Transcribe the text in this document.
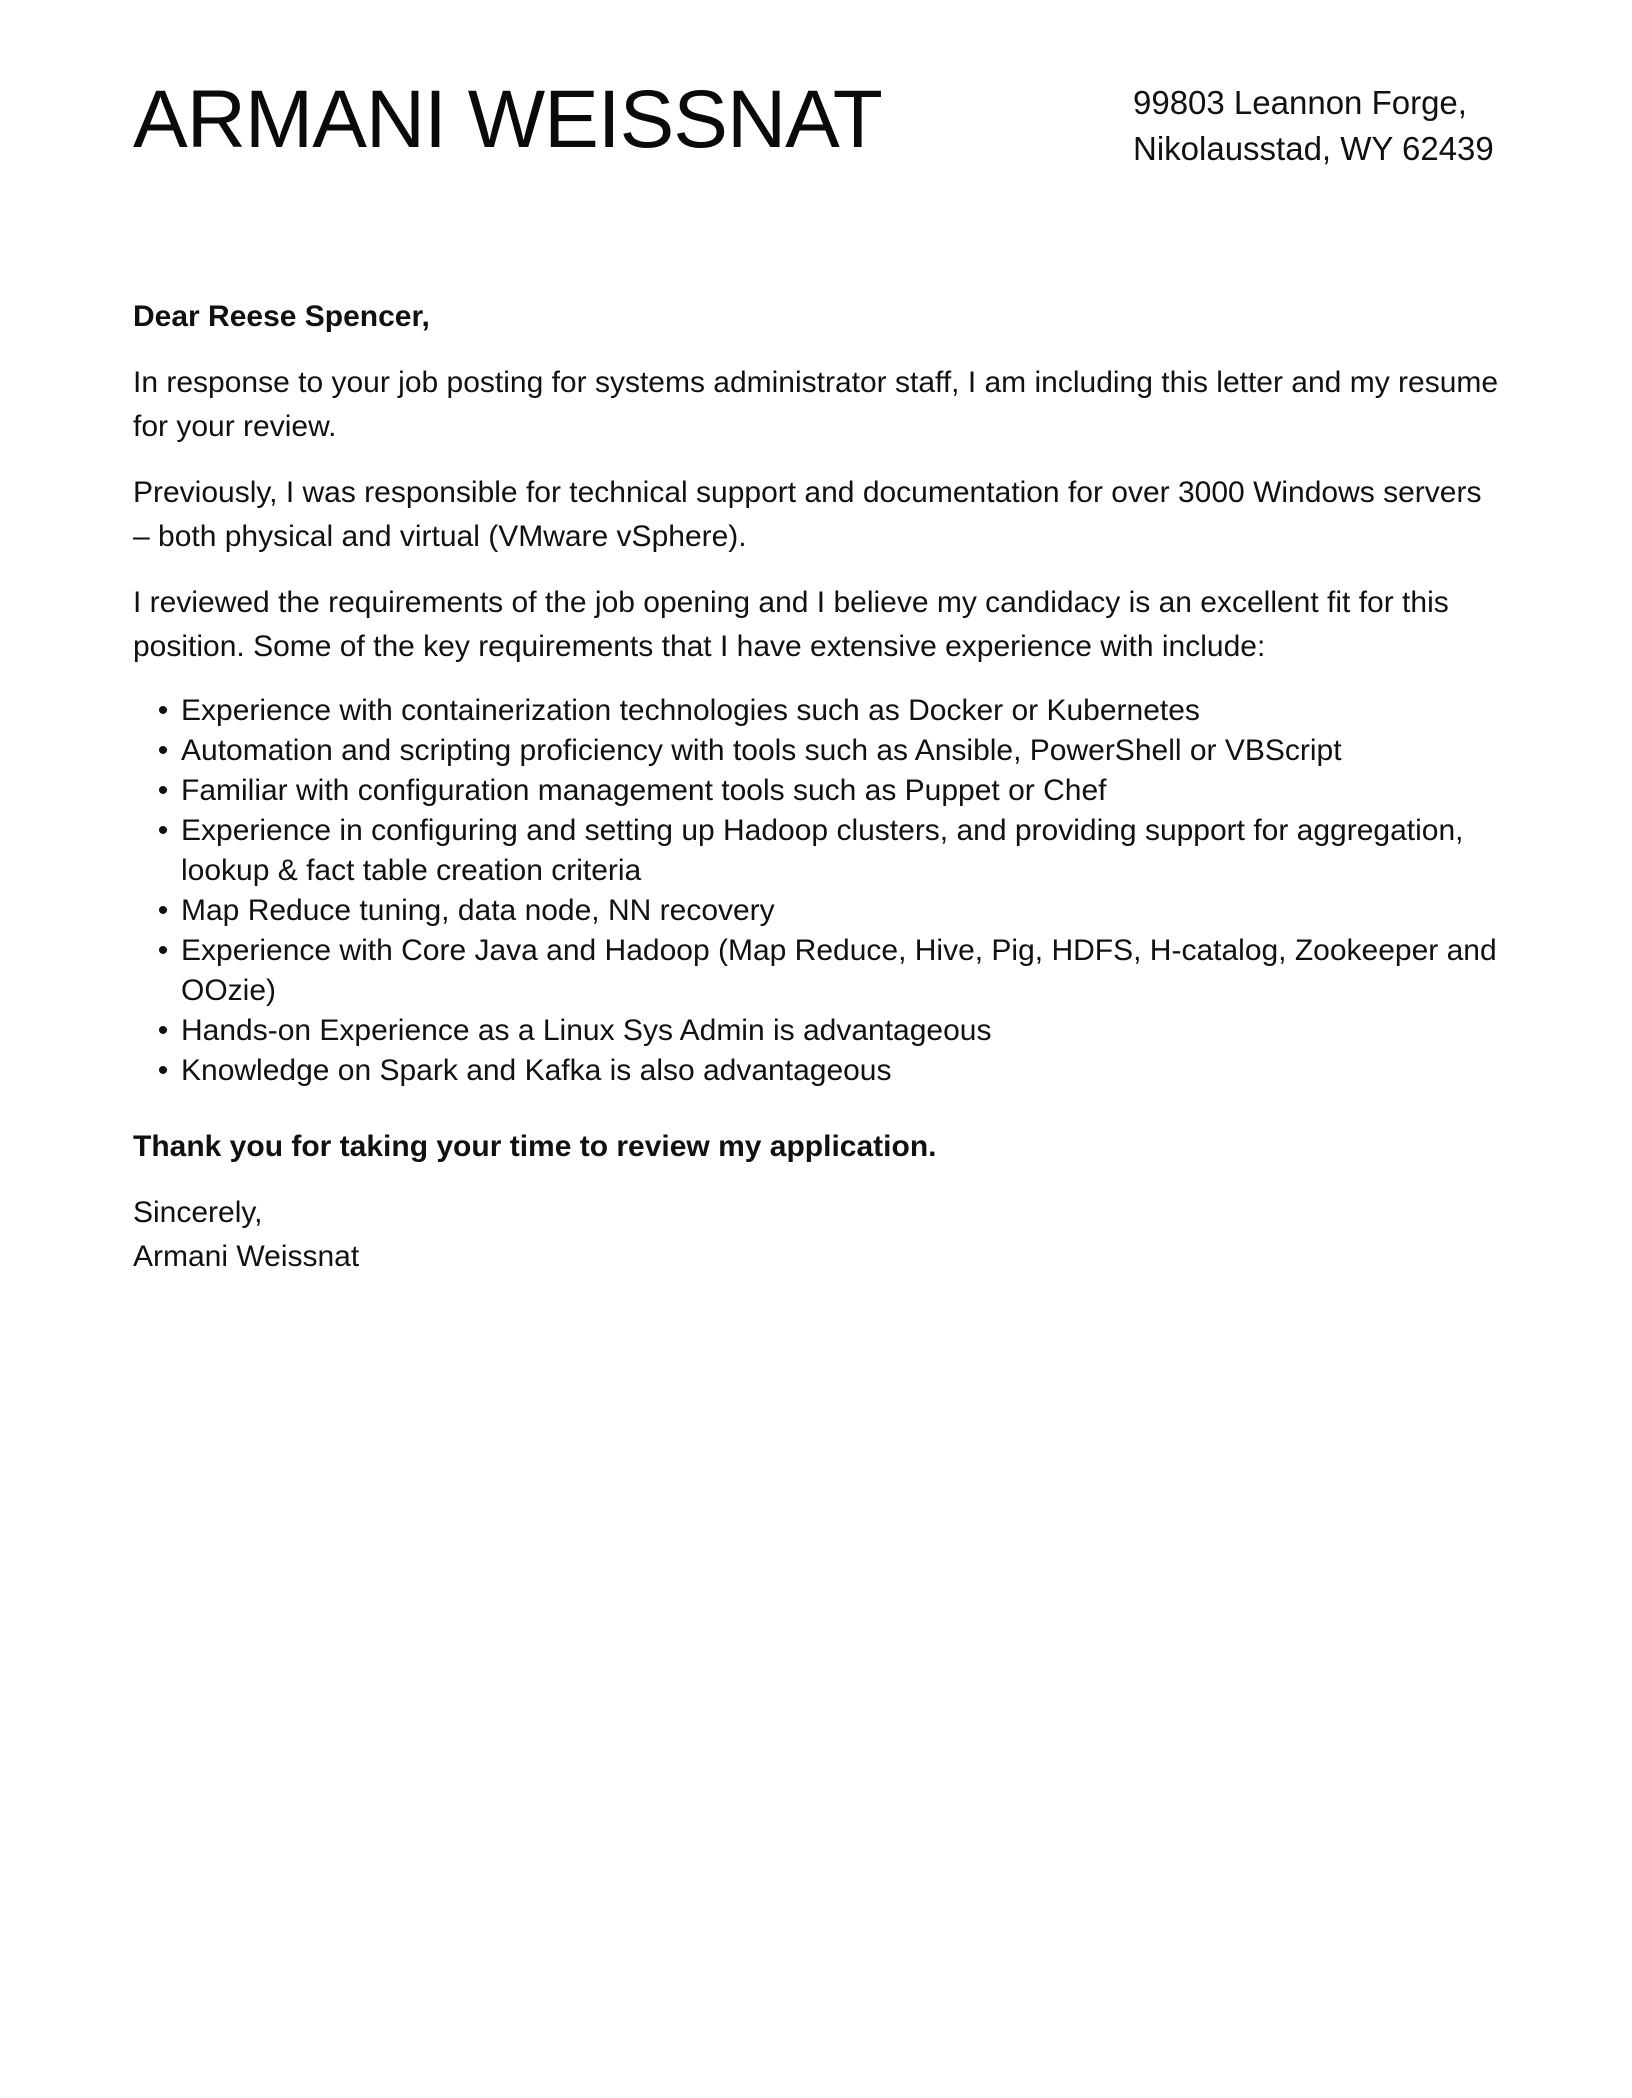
ARMANI WEISSNAT	99803 Leannon Forge,
Nikolausstad, WY 62439

Dear Reese Spencer,

In response to your job posting for systems administrator staff, I am including this letter and my resume for your review.

Previously, I was responsible for technical support and documentation for over 3000 Windows servers – both physical and virtual (VMware vSphere).

I reviewed the requirements of the job opening and I believe my candidacy is an excellent fit for this position. Some of the key requirements that I have extensive experience with include:

• Experience with containerization technologies such as Docker or Kubernetes
• Automation and scripting proficiency with tools such as Ansible, PowerShell or VBScript
• Familiar with configuration management tools such as Puppet or Chef
• Experience in configuring and setting up Hadoop clusters, and providing support for aggregation, lookup & fact table creation criteria
• Map Reduce tuning, data node, NN recovery
• Experience with Core Java and Hadoop (Map Reduce, Hive, Pig, HDFS, H-catalog, Zookeeper and OOzie)
• Hands-on Experience as a Linux Sys Admin is advantageous
• Knowledge on Spark and Kafka is also advantageous

Thank you for taking your time to review my application.

Sincerely,
Armani Weissnat
